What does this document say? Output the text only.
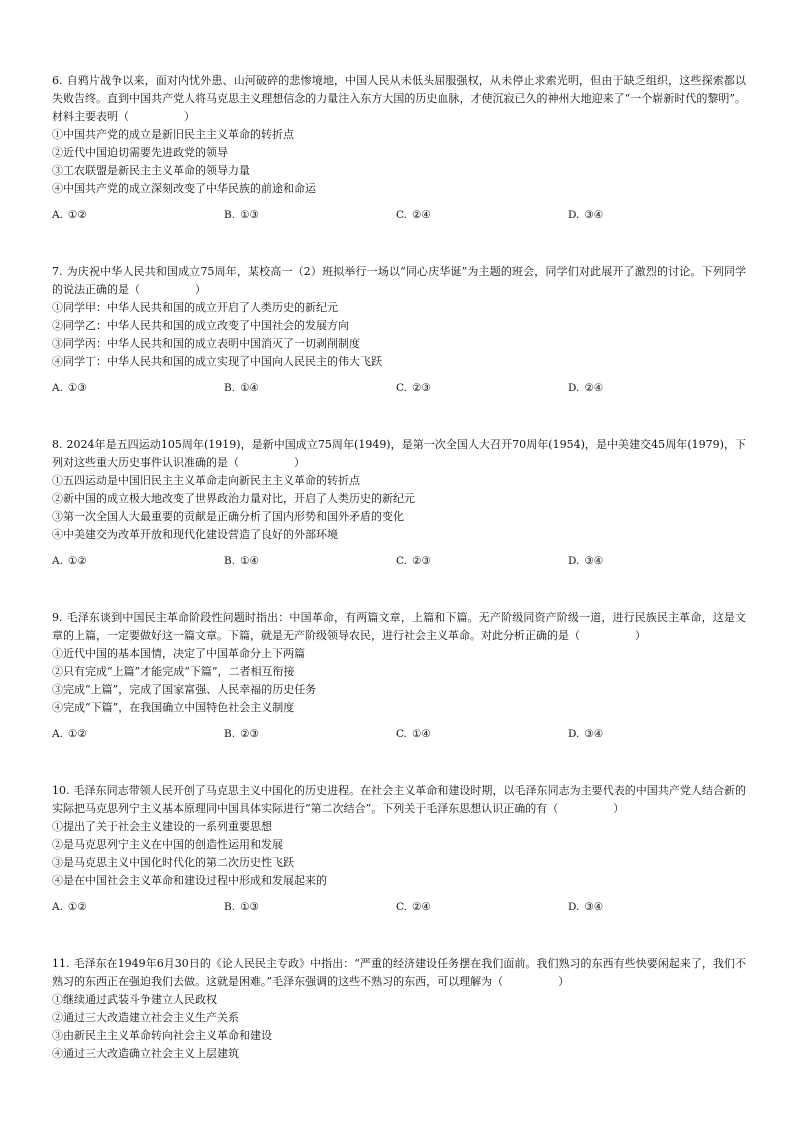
6. 自鸦片战争以来，面对内忧外患、山河破碎的悲惨境地，中国人民从未低头屈服强权，从未停止求索光明，但由于缺乏组织，这些探索都以失败告终。直到中国共产党人将马克思主义理想信念的力量注入东方大国的历史血脉，才使沉寂已久的神州大地迎来了“一个崭新时代的黎明”。材料主要表明（　　　　　）

①中国共产党的成立是新旧民主主义革命的转折点

②近代中国迫切需要先进政党的领导

③工农联盟是新民主主义革命的领导力量

④中国共产党的成立深刻改变了中华民族的前途和命运

A. ①②	B. ①③	C. ②④	D. ③④

7. 为庆祝中华人民共和国成立75周年，某校高一（2）班拟举行一场以“同心庆华诞”为主题的班会，同学们对此展开了激烈的讨论。下列同学的说法正确的是（　　　　　）

①同学甲：中华人民共和国的成立开启了人类历史的新纪元

②同学乙：中华人民共和国的成立改变了中国社会的发展方向

③同学丙：中华人民共和国的成立表明中国消灭了一切剥削制度

④同学丁：中华人民共和国的成立实现了中国向人民民主的伟大飞跃

A. ①③	B. ①④	C. ②③	D. ②④

8. 2024年是五四运动105周年(1919)，是新中国成立75周年(1949)，是第一次全国人大召开70周年(1954)，是中美建交45周年(1979)，下列对这些重大历史事件认识准确的是（　　　　　）

①五四运动是中国旧民主主义革命走向新民主主义革命的转折点

②新中国的成立极大地改变了世界政治力量对比，开启了人类历史的新纪元

③第一次全国人大最重要的贡献是正确分析了国内形势和国外矛盾的变化

④中美建交为改革开放和现代化建设营造了良好的外部环境

A. ①②	B. ①④	C. ②③	D. ③④

9. 毛泽东谈到中国民主革命阶段性问题时指出：中国革命，有两篇文章，上篇和下篇。无产阶级同资产阶级一道，进行民族民主革命，这是文章的上篇，一定要做好这一篇文章。下篇，就是无产阶级领导农民，进行社会主义革命。对此分析正确的是（　　　　　）

①近代中国的基本国情，决定了中国革命分上下两篇

②只有完成“上篇”才能完成“下篇”，二者相互衔接

③完成“上篇”，完成了国家富强、人民幸福的历史任务

④完成“下篇”，在我国确立中国特色社会主义制度

A. ①②	B. ②③	C. ①④	D. ③④

10. 毛泽东同志带领人民开创了马克思主义中国化的历史进程。在社会主义革命和建设时期，以毛泽东同志为主要代表的中国共产党人结合新的实际把马克思列宁主义基本原理同中国具体实际进行“第二次结合”。下列关于毛泽东思想认识正确的有（　　　　　）

①提出了关于社会主义建设的一系列重要思想

②是马克思列宁主义在中国的创造性运用和发展

③是马克思主义中国化时代化的第二次历史性飞跃

④是在中国社会主义革命和建设过程中形成和发展起来的

A. ①②	B. ①③	C. ②④	D. ③④

11. 毛泽东在1949年6月30日的《论人民民主专政》中指出：“严重的经济建设任务摆在我们面前。我们熟习的东西有些快要闲起来了，我们不熟习的东西正在强迫我们去做。这就是困难。”毛泽东强调的这些不熟习的东西，可以理解为（　　　　　）

①继续通过武装斗争建立人民政权

②通过三大改造建立社会主义生产关系

③由新民主主义革命转向社会主义革命和建设

④通过三大改造确立社会主义上层建筑
